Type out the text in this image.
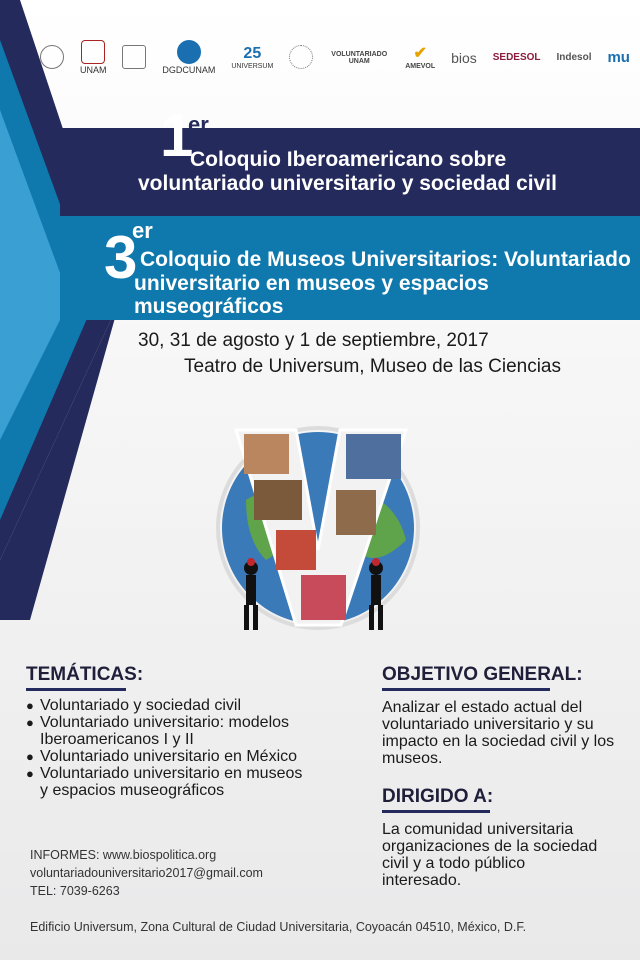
UNAM	DGDCUNAM
25
UNIVERSUM
VOLUNTARIADO UNAM	✔
AMEVOL
bios SEDESOL Indesol mu
1
er
Coloquio Iberoamericano sobre
voluntariado universitario y sociedad civil
3
er
Coloquio de Museos Universitarios: Voluntariado
universitario en museos y espacios museográficos
30, 31 de agosto y 1 de septiembre, 2017
Teatro de Universum, Museo de las Ciencias
TEMÁTICAS:
● Voluntariado y sociedad civil
● Voluntariado universitario: modelos Iberoamericanos I y II
● Voluntariado universitario en México
● Voluntariado universitario en museos y espacios museográficos
OBJETIVO GENERAL:
Analizar el estado actual del voluntariado universitario y su impacto en la sociedad civil y los museos.
DIRIGIDO A:
La comunidad universitaria organizaciones de la sociedad civil y a todo público interesado.
INFORMES: www.biospolitica.org
voluntariadouniversitario2017@gmail.com
TEL: 7039-6263
Edificio Universum, Zona Cultural de Ciudad Universitaria, Coyoacán 04510, México, D.F.
